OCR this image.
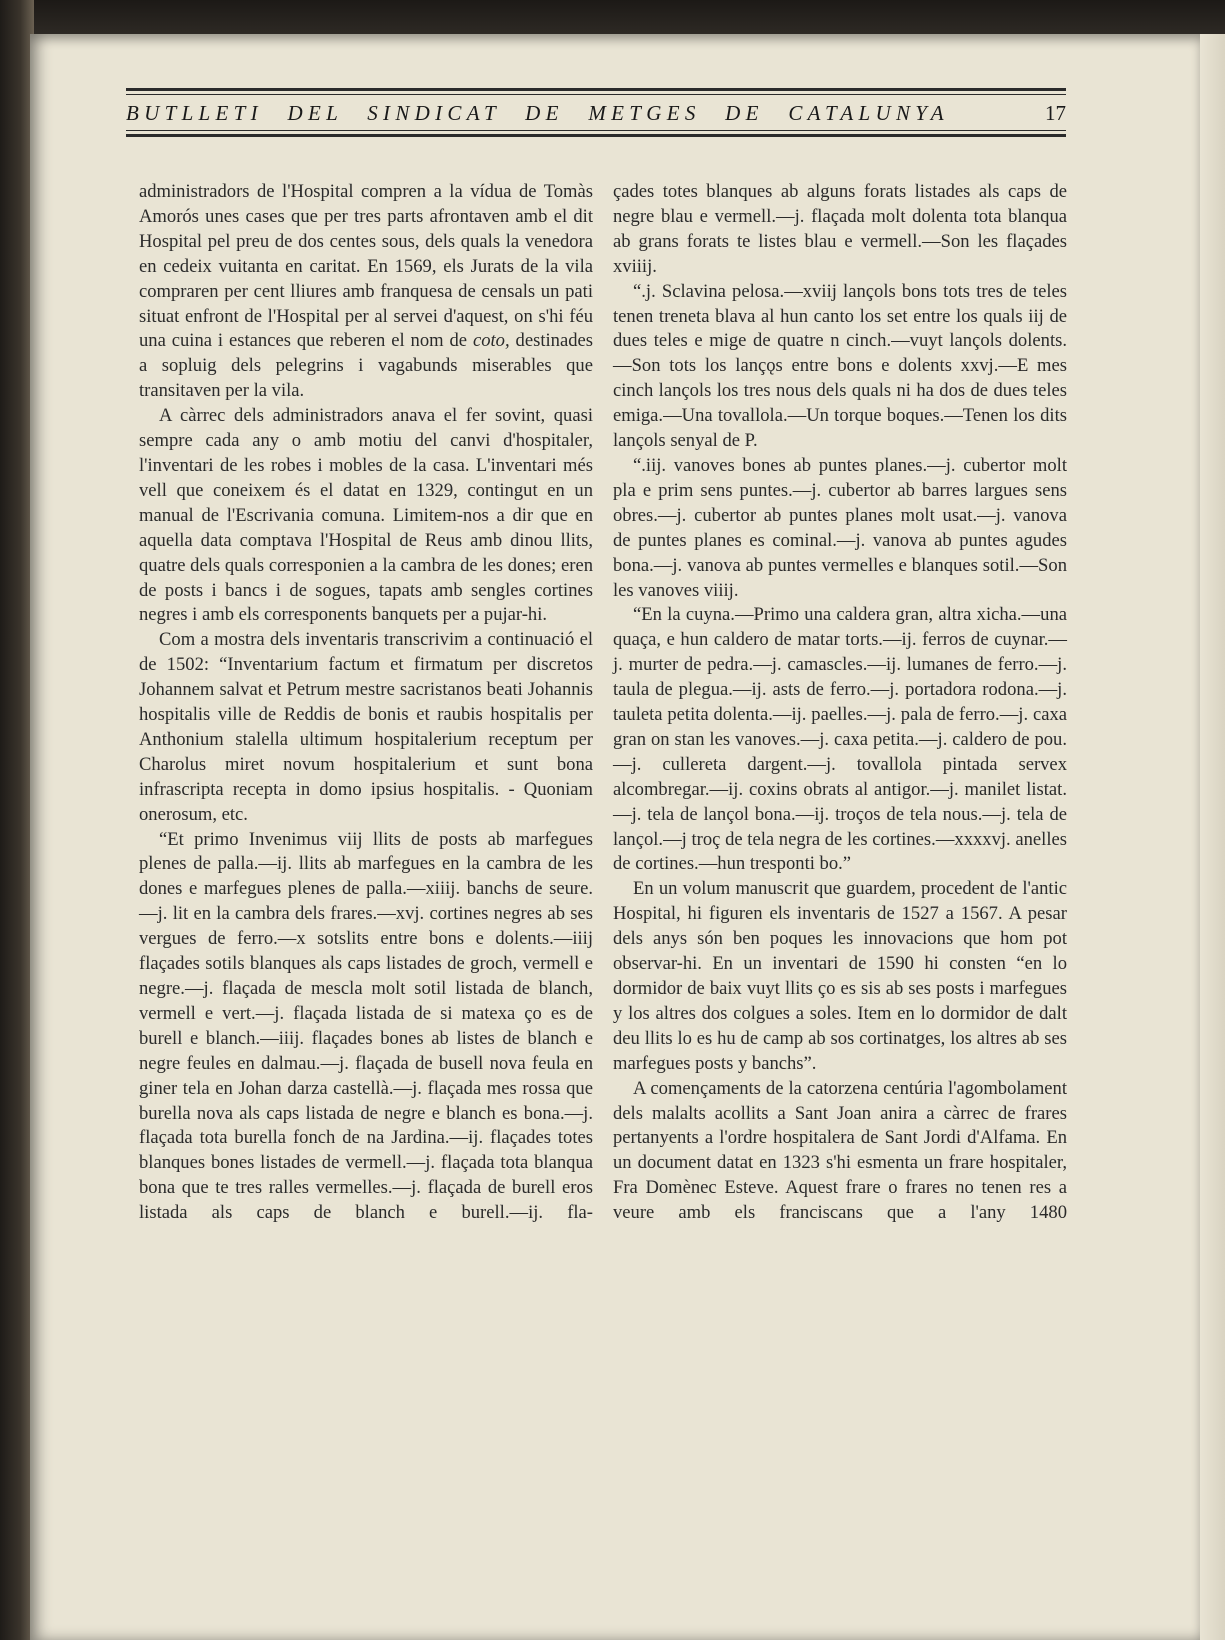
BUTLLETI DEL SINDICAT DE METGES DE CATALUNYA	17

administradors de l'Hospital compren a la vídua de Tomàs Amorós unes cases que per tres parts afrontaven amb el dit Hospital pel preu de dos centes sous, dels quals la venedora en cedeix vuitanta en caritat. En 1569, els Jurats de la vila compraren per cent lliures amb franquesa de censals un pati situat enfront de l'Hospital per al servei d'aquest, on s'hi féu una cuina i estances que reberen el nom de coto, destinades a sopluig dels pelegrins i vagabunds miserables que transitaven per la vila.

A càrrec dels administradors anava el fer sovint, quasi sempre cada any o amb motiu del canvi d'hospitaler, l'inventari de les robes i mobles de la casa. L'inventari més vell que coneixem és el datat en 1329, contingut en un manual de l'Escrivania comuna. Limitem-nos a dir que en aquella data comptava l'Hospital de Reus amb dinou llits, quatre dels quals corresponien a la cambra de les dones; eren de posts i bancs i de sogues, tapats amb sengles cortines negres i amb els corresponents banquets per a pujar-hi.

Com a mostra dels inventaris transcrivim a continuació el de 1502: “Inventarium factum et firmatum per discretos Johannem salvat et Petrum mestre sacristanos beati Johannis hospitalis ville de Reddis de bonis et raubis hospitalis per Anthonium stalella ultimum hospitalerium receptum per Charolus miret novum hospitalerium et sunt bona infrascripta recepta in domo ipsius hospitalis. - Quoniam onerosum, etc.

“Et primo Invenimus viij llits de posts ab marfegues plenes de palla.—ij. llits ab marfegues en la cambra de les dones e marfegues plenes de palla.—xiiij. banchs de seure.—j. lit en la cambra dels frares.—xvj. cortines negres ab ses vergues de ferro.—x sotslits entre bons e dolents.—iiij flaçades sotils blanques als caps listades de groch, vermell e negre.—j. flaçada de mescla molt sotil listada de blanch, vermell e vert.—j. flaçada listada de si matexa ço es de burell e blanch.—iiij. flaçades bones ab listes de blanch e negre feules en dalmau.—j. flaçada de busell nova feula en giner tela en Johan darza castellà.—j. flaçada mes rossa que burella nova als caps listada de negre e blanch es bona.—j. flaçada tota burella fonch de na Jardina.—ij. flaçades totes blanques bones listades de vermell.—j. flaçada tota blanqua bona que te tres ralles vermelles.—j. flaçada de burell eros listada als caps de blanch e burell.—ij. fla-

çades totes blanques ab alguns forats listades als caps de negre blau e vermell.—j. flaçada molt dolenta tota blanqua ab grans forats te listes blau e vermell.—Son les flaçades xviiij.

“.j. Sclavina pelosa.—xviij lançols bons tots tres de teles tenen treneta blava al hun canto los set entre los quals iij de dues teles e mige de quatre n cinch.—vuyt lançols dolents.—Son tots los lançǫs entre bons e dolents xxvj.—E mes cinch lançols los tres nous dels quals ni ha dos de dues teles emiga.—Una tovallola.—Un torque boques.—Tenen los dits lançols senyal de P.

“.iij. vanoves bones ab puntes planes.—j. cubertor molt pla e prim sens puntes.—j. cubertor ab barres largues sens obres.—j. cubertor ab puntes planes molt usat.—j. vanova de puntes planes es cominal.—j. vanova ab puntes agudes bona.—j. vanova ab puntes vermelles e blanques sotil.—Son les vanoves viiij.

“En la cuyna.—Primo una caldera gran, altra xicha.—una quaça, e hun caldero de matar torts.—ij. ferros de cuynar.—j. murter de pedra.—j. camascles.—ij. lumanes de ferro.—j. taula de plegua.—ij. asts de ferro.—j. portadora rodona.—j. tauleta petita dolenta.—ij. paelles.—j. pala de ferro.—j. caxa gran on stan les vanoves.—j. caxa petita.—j. caldero de pou.—j. cullereta dargent.—j. tovallola pintada servex alcombregar.—ij. coxins obrats al antigor.—j. manilet listat.—j. tela de lançol bona.—ij. troços de tela nous.—j. tela de lançol.—j troç de tela negra de les cortines.—xxxxvj. anelles de cortines.—hun tresponti bo.”

En un volum manuscrit que guardem, procedent de l'antic Hospital, hi figuren els inventaris de 1527 a 1567. A pesar dels anys són ben poques les innovacions que hom pot observar-hi. En un inventari de 1590 hi consten “en lo dormidor de baix vuyt llits ço es sis ab ses posts i marfegues y los altres dos colgues a soles. Item en lo dormidor de dalt deu llits lo es hu de camp ab sos cortinatges, los altres ab ses marfegues posts y banchs”.

A començaments de la catorzena centúria l'agombolament dels malalts acollits a Sant Joan anira a càrrec de frares pertanyents a l'ordre hospitalera de Sant Jordi d'Alfama. En un document datat en 1323 s'hi esmenta un frare hospitaler, Fra Domènec Esteve. Aquest frare o frares no tenen res a veure amb els franciscans que a l'any 1480
